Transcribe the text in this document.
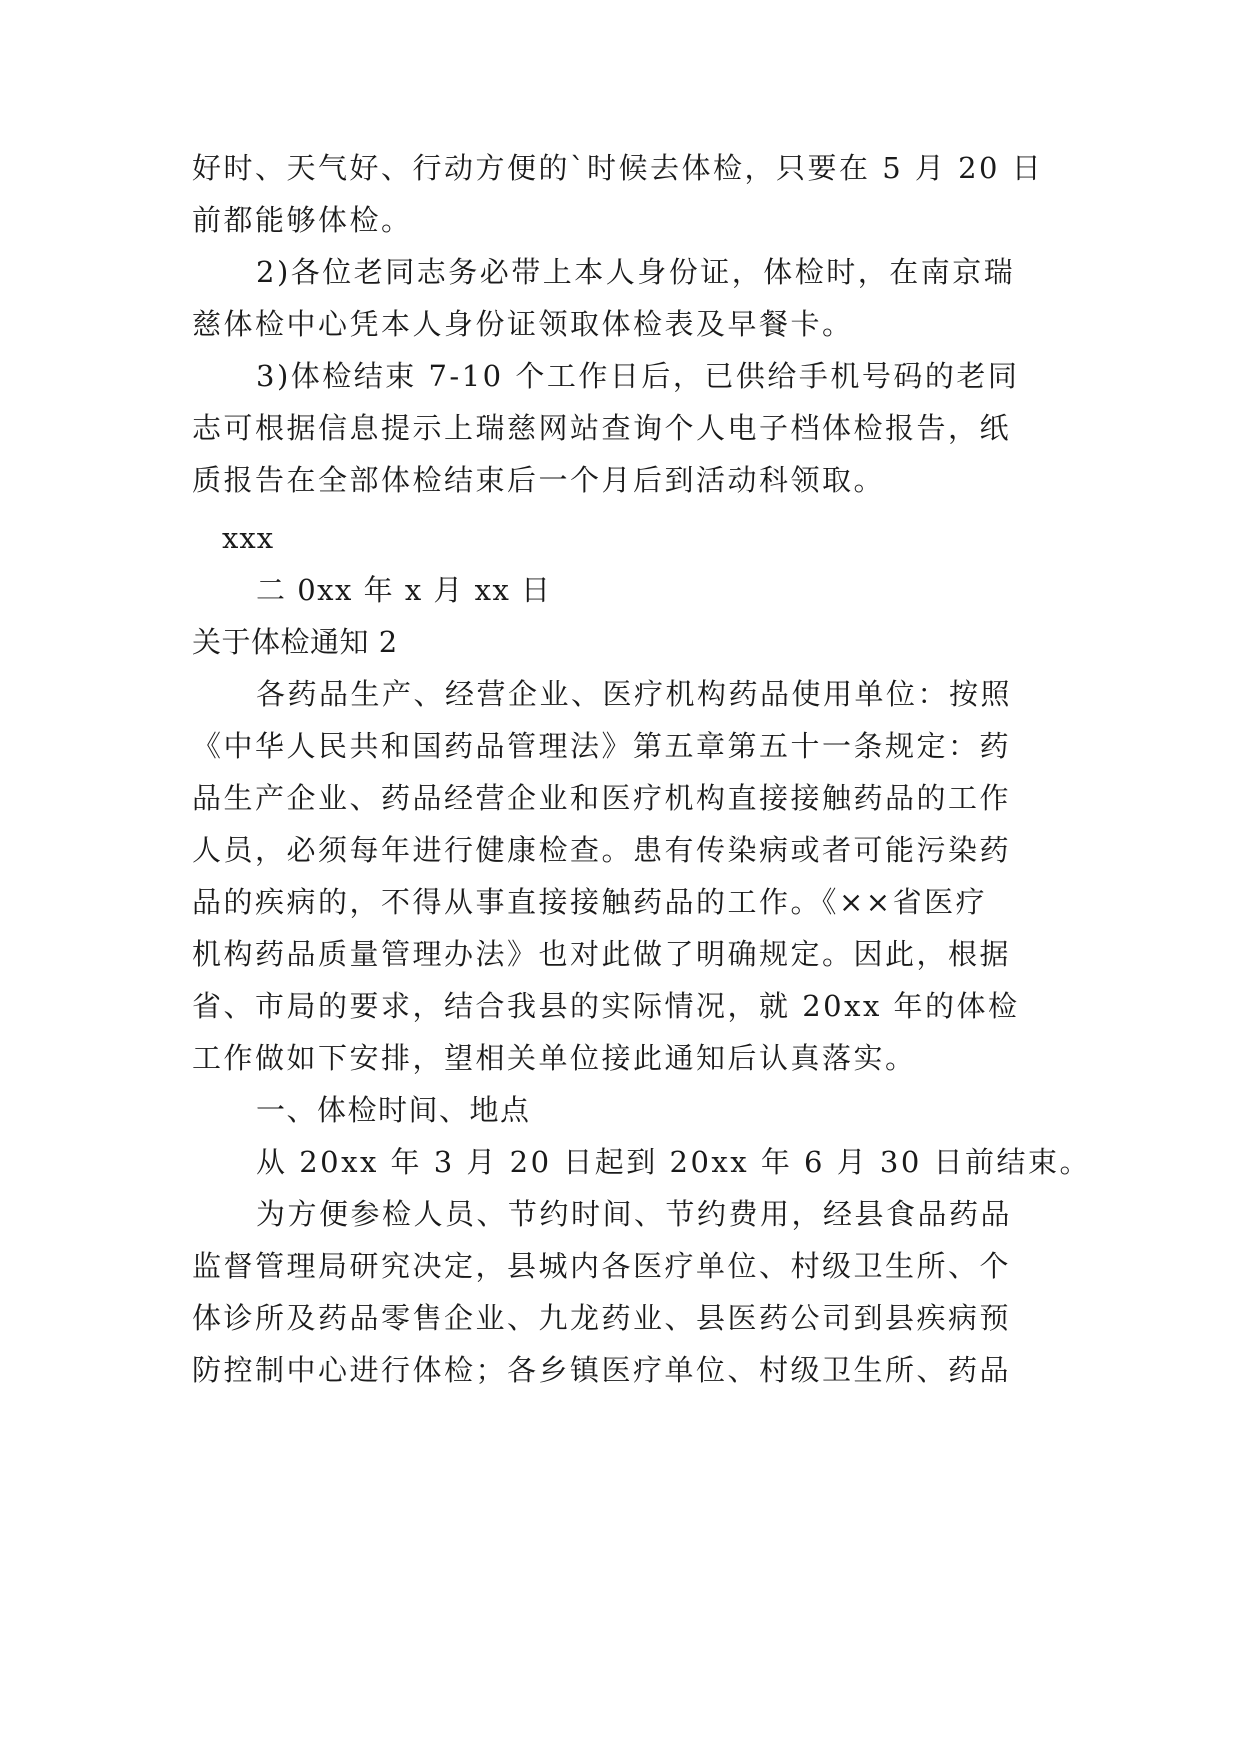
好时、天气好、行动方便的`时候去体检，只要在 5 月 20 日
前都能够体检。
2)各位老同志务必带上本人身份证，体检时，在南京瑞
慈体检中心凭本人身份证领取体检表及早餐卡。
3)体检结束 7-10 个工作日后，已供给手机号码的老同
志可根据信息提示上瑞慈网站查询个人电子档体检报告，纸
质报告在全部体检结束后一个月后到活动科领取。
xxx
二 0xx 年 x 月 xx 日
关于体检通知 2
各药品生产、经营企业、医疗机构药品使用单位：按照
《中华人民共和国药品管理法》第五章第五十一条规定：药
品生产企业、药品经营企业和医疗机构直接接触药品的工作
人员，必须每年进行健康检查。患有传染病或者可能污染药
品的疾病的，不得从事直接接触药品的工作。《××省医疗
机构药品质量管理办法》也对此做了明确规定。因此，根据
省、市局的要求，结合我县的实际情况，就 20xx 年的体检
工作做如下安排，望相关单位接此通知后认真落实。
一、体检时间、地点
从 20xx 年 3 月 20 日起到 20xx 年 6 月 30 日前结束。
为方便参检人员、节约时间、节约费用，经县食品药品
监督管理局研究决定，县城内各医疗单位、村级卫生所、个
体诊所及药品零售企业、九龙药业、县医药公司到县疾病预
防控制中心进行体检；各乡镇医疗单位、村级卫生所、药品
